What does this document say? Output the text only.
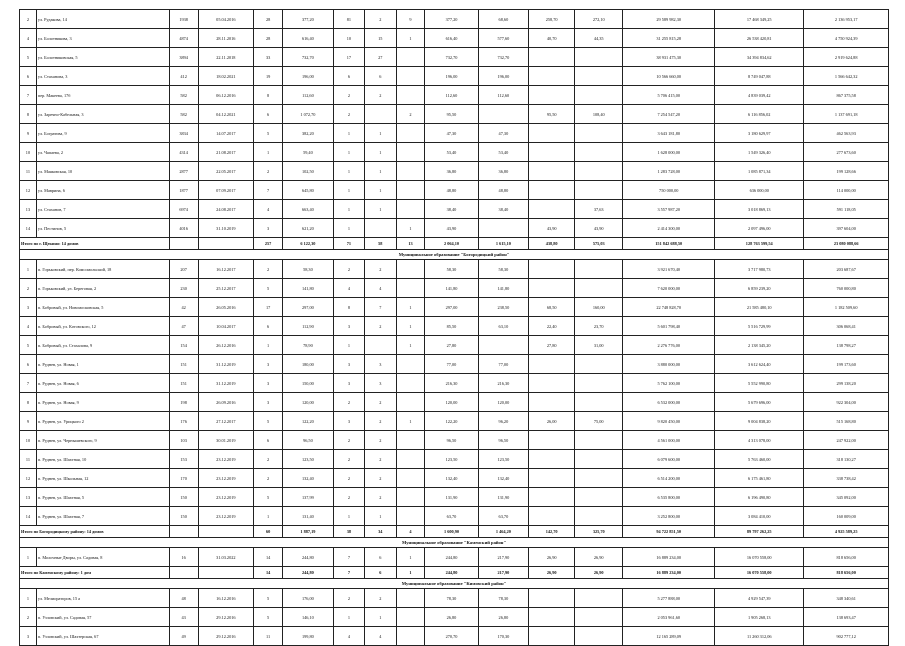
2	ул. Рудакова, 14	1938	05.04.2016	28	377,20	81	2	9	377,20	68,60	258,70	272,10	29 589 982,30	17 468 349,25	2 136 953,17
4	ул. Болотникова, 3	4874	28.11.2016	28	616,40	10	15	1	616,40	577,60	40,70	44,35	31 255 815,28	26 538 420,81	4 750 924,39
5	ул. Болотниковская, 5	3894	22.11.2018	33	732,70	17	27		732,70	732,70			38 931 475,30	34 394 834,62	2 919 624,88
6	ул. Стаханова, 3	412	18.02.2021	19	196,00	6	6		196,00	196,00			10 566 660,00	8 749 047,88	1 566 642,32
7	пер. Макеева, 17б	582	06.12.2016	8	112,60	2	2		112,60	112,60			5 706 415,00	4 839 039,42	867 375,58
8	ул. Заречно-Кабельная, 3	582	04.12.2021	6	1 072,70	2		2	95,50		95,50	108,40	7 254 547,20	6 116 856,02	1 137 691,18
9	ул. Богратова, 9	3834	14.07.2017	5	382,20	1	1		47,30	47,30			3 643 181,80	3 180 629,97	462 563,93
10	ул. Чапаева, 2	4314	21.08.2017	1	59,40	1	1		53,40	53,40			1 628 000,00	1 549 326,40	277 673,60
11	ул. Маяковская, 10	2877	22.05.2017	2	102,50	1	1		36,80	36,80			1 283 728,00	1 085 871,34	199 128,66
12	ул. Маврина, 6	1877	07.09.2017	7	645,80	1	1		48,80	48,80			750 000,00	636 000,00	114 000,00
13	ул. Стаханов, 7	6974	24.08.2017	4	663,40	1	1		38,40	38,40		37,63	3 557 987,20	3 018 869,13	591 118,05
14	ул. Пестинов, 5	4016	31.10.2019	3	621,20	1		1	43,90		43,90	43,90	2 414 300,00	2 097 496,00	397 604,00
Итого по г. Щекино: 14 домов				257	6 122,30	71	58	13	2 064,10	1 615,10	438,80	575,03	151 842 688,50	128 763 599,54	23 080 088,66
Муниципальное образование "Богородицкий район"															
1	п. Горьковский, пер. Комсомольский, 18	207	16.12.2017	2	58,30	2	2		58,30	58,30			3 921 670,40	3 717 980,73	203 687,67
2	п. Горьковский, ул. Береговая, 2	230	25.12.2017	5	141,80	4	4		141,80	141,80			7 620 000,00	6 859 239,20	760 000,80
3	п. Бобровый, ул. Новомосковская, 5	42	26.05.2016	17	297,00	8	7	1	297,00	238,50	68,50	160,00	22 748 828,70	21 585 480,10	1 182 509,60
4	п. Бобровый, ул. Котовского, 12	47	10.04.2017	6	112,90	3	2	1	85,50	63,10	22,40	23,70	5 601 798,40	5 516 729,99	306 068,41
5	п. Бобровый, ул. Стахалова, 9	154	26.12.2016	1	78,90	1		1	27,80		27,80	31,00	2 276 776,00	2 138 345,20	138 798,27
6	п. Руднев, ул. Новая, 1	151	31.12.2019	3	180,00	3	3		77,00	77,00			3 880 000,00	3 612 624,40	199 173,60
7	п. Руднев, ул. Новая, 6	151	31.12.2019	3	150,00	3	3		216,30	216,30			5 762 100,00	5 552 990,80	299 138,20
8	п. Руднев, ул. Новая, 9	198	26.09.2016	3	120,00	2	2		120,00	120,00			6 532 000,00	5 679 696,00	922 304,00
9	п. Руднев, ул. Урицкого 2	176	27.12.2017	5	122,20	3	2	1	122,20	96,20	26,00	75,00	9 820 450,00	9 004 838,20	515 168,80
10	п. Руднев, ул. Чернышевского, 9	103	30.01.2019	6	96,50	2	2		96,50	96,50			4 561 000,00	4 313 078,00	247 922,00
11	п. Руднев, ул. Шахтная, 10	153	23.12.2019	2	123,50	2	2		123,50	123,50			6 079 600,00	5 763 460,00	318 130,27
12	п. Руднев, ул. Школьная, 12	170	23.12.2019	2	132,40	2	2		132,40	132,40			6 514 200,00	6 175 461,80	338 738,42
13	п. Руднев, ул. Шахтная, 5	150	23.12.2019	5	137,99	2	2		131,90	131,90			6 535 800,00	6 196 490,80	345 092,00
14	п. Руднев, ул. Шахтная, 7	150	23.12.2019	1	131,40	1	1		63,70	63,70			3 252 800,00	3 084 410,00	160 009,00
Итого по Богородицкому району: 14 домов				60	1 887,19	38	34	4	1 600,90	1 464,20	142,70	325,70	94 722 851,50	89 797 262,25	4 925 589,25
Муниципальное образование "Каменский район"															
1	п. Молочные Дворы, ул. Садовая, 8	16	31.03.2022	14	244,80	7	6	1	244,80	217,90	26,90	26,90	16 889 234,00	16 070 558,00	818 656,00
Итого по Каменскому району: 1 дом				14	244,80	7	6	1	244,80	217,90	26,90	26,90	16 889 234,00	16 070 558,00	818 656,00
Муниципальное образование "Кимовский район"															
1	ул. Мелиораторов, 15 а	48	16.12.2016	5	176,00	2	2		78,30	78,30			5 277 888,00	4 929 547,39	348 340,61
2	п. Узловский, ул. Садовая, 57	43	29.12.2016	5	146,10	1	1		26,80	26,80			2 053 961,60	1 905 268,13	138 693,47
3	п. Узловский, ул. Шахтерская, 67	49	29.12.2016	11	199,80	4	4		270,70	170,30			12 165 289,09	11 260 312,06	902 777,12
